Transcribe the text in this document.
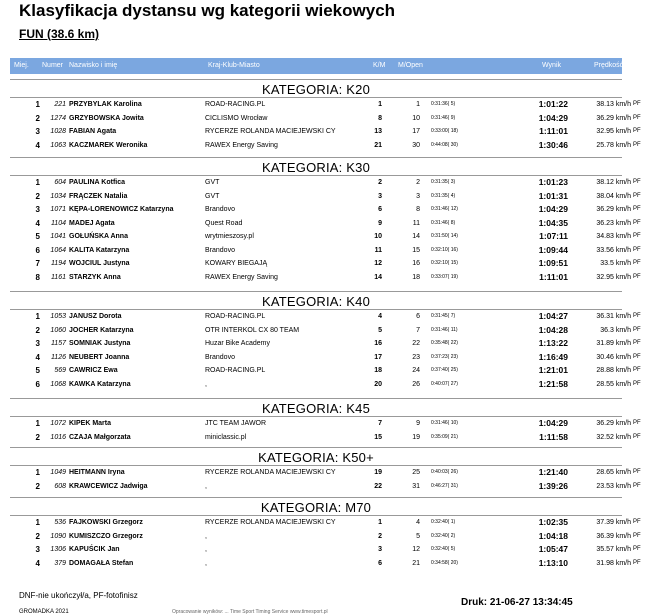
Klasyfikacja dystansu wg kategorii wiekowych
FUN (38.6 km)
Miej. Numer Nazwisko i imię	Kraj-Klub-Miasto	K/M M/Open	Wynik	Prędkość
KATEGORIA: K20
1	221 PRZYBYLAK Karolina	ROAD-RACING.PL	1	1 0:31:36( 5)	1:01:22	38.13 km/h PF
2	1274 GRZYBOWSKA Jowita	CICLISMO Wrocław	8	10 0:31:46( 9)	1:04:29	36.29 km/h PF
3	1028 FABIAN Agata	RYCERZE ROLANDA MACIEJEWSKI CY	13	17 0:33:00( 18)	1:11:01	32.95 km/h PF
4	1063 KACZMAREK Weronika	RAWEX Energy Saving	21	30 0:44:08( 30)	1:30:46	25.78 km/h PF
KATEGORIA: K30
1	604 PAULINA Kotfica	GVT	2	2 0:31:35( 3)	1:01:23	38.12 km/h PF
2	1034 FRĄCZEK Natalia	GVT	3	3 0:31:35( 4)	1:01:31	38.04 km/h PF
3	1071 KĘPA-LORENOWICZ Katarzyna	Brandovo	6	8 0:31:46( 12)	1:04:29	36.29 km/h PF
4	1104 MADEJ Agata	Quest Road	9	11 0:31:46( 8)	1:04:35	36.23 km/h PF
5	1041 GOŁUŃSKA Anna	wrytmieszosy.pl	10	14 0:31:50( 14)	1:07:11	34.83 km/h PF
6	1064 KALITA Katarzyna	Brandovo	11	15 0:32:10( 16)	1:09:44	33.56 km/h PF
7	1194 WOJCIUL Justyna	KOWARY BIEGAJĄ	12	16 0:32:10( 15)	1:09:51	33.5 km/h PF
8	1161 STARZYK Anna	RAWEX Energy Saving	14	18 0:33:07( 19)	1:11:01	32.95 km/h PF
KATEGORIA: K40
1	1053 JANUSZ Dorota	ROAD-RACING.PL	4	6 0:31:45( 7)	1:04:27	36.31 km/h PF
2	1060 JOCHER Katarzyna	OTR INTERKOL CX 80 TEAM	5	7 0:31:46( 11)	1:04:28	36.3 km/h PF
3	1157 SOMNIAK Justyna	Huzar Bike Academy	16	22 0:35:48( 22)	1:13:22	31.89 km/h PF
4	1126 NEUBERT Joanna	Brandovo	17	23 0:37:23( 23)	1:16:49	30.46 km/h PF
5	569 CAWRICZ Ewa	ROAD-RACING.PL	18	24 0:37:40( 25)	1:21:01	28.88 km/h PF
6	1068 KAWKA Katarzyna	,	20	26 0:40:07( 27)	1:21:58	28.55 km/h PF
KATEGORIA: K45
1	1072 KIPEK Marta	JTC TEAM JAWOR	7	9 0:31:46( 10)	1:04:29	36.29 km/h PF
2	1016 CZAJA Małgorzata	miniclassic.pl	15	19 0:35:09( 21)	1:11:58	32.52 km/h PF
KATEGORIA: K50+
1	1049 HEITMANN Iryna	RYCERZE ROLANDA MACIEJEWSKI CY	19	25 0:40:03( 26)	1:21:40	28.65 km/h PF
2	608 KRAWCEWICZ Jadwiga	,	22	31 0:46:27( 31)	1:39:26	23.53 km/h PF
KATEGORIA: M70
1	536 FAJKOWSKI Grzegorz	RYCERZE ROLANDA MACIEJEWSKI CY	1	4 0:32:40( 1)	1:02:35	37.39 km/h PF
2	1090 KUMISZCZO Grzegorz	,	2	5 0:32:40( 2)	1:04:18	36.39 km/h PF
3	1306 KAPUŚCIK Jan	,	3	12 0:32:40( 5)	1:05:47	35.57 km/h PF
4	379 DOMAGAŁA Stefan	,	6	21 0:34:58( 20)	1:13:10	31.98 km/h PF
DNF-nie ukończył/a, PF-fotofinisz
Druk: 21-06-27 13:34:45
GROMADKA 2021	Opracowanie wyników: ... Time Sport Timing Service www.timesport.pl
